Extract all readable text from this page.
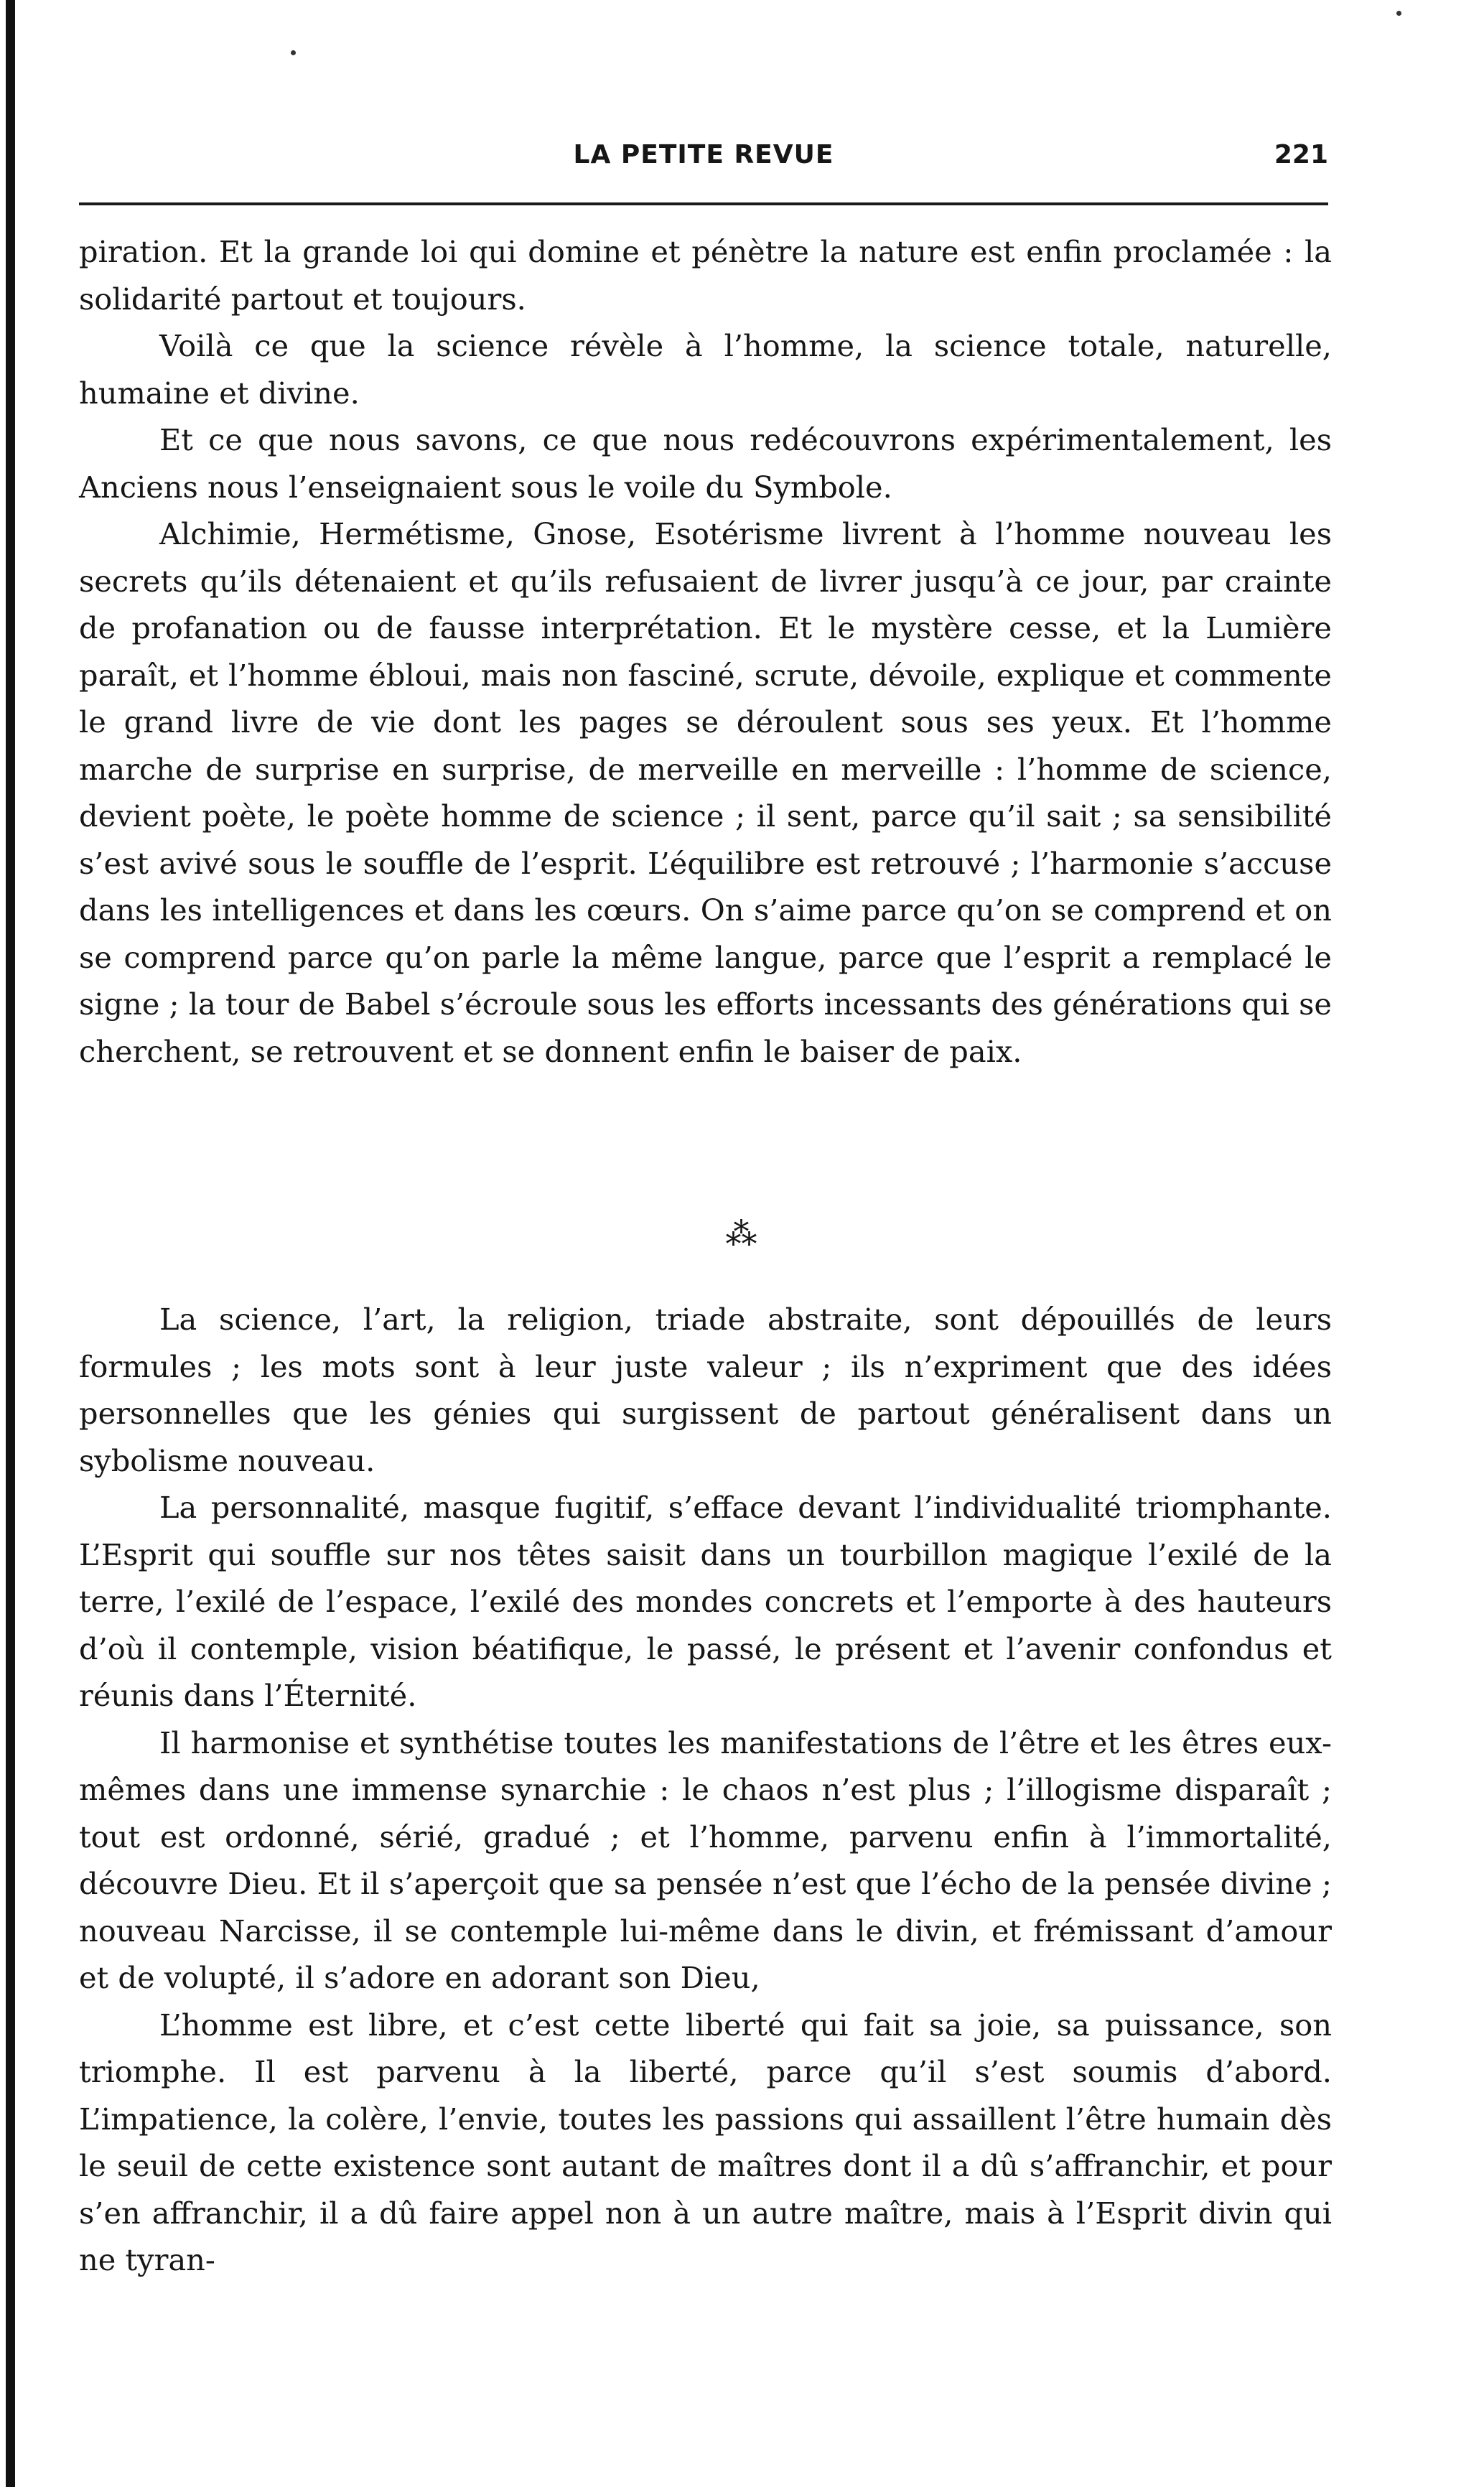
LA PETITE REVUE	221

piration. Et la grande loi qui domine et pénètre la nature est enfin proclamée : la solidarité partout et toujours.

Voilà ce que la science révèle à l’homme, la science totale, naturelle, humaine et divine.

Et ce que nous savons, ce que nous redécouvrons expérimentalement, les Anciens nous l’enseignaient sous le voile du Symbole.

Alchimie, Hermétisme, Gnose, Esotérisme livrent à l’homme nouveau les secrets qu’ils détenaient et qu’ils refusaient de livrer jusqu’à ce jour, par crainte de profanation ou de fausse interprétation. Et le mystère cesse, et la Lumière paraît, et l’homme ébloui, mais non fasciné, scrute, dévoile, explique et commente le grand livre de vie dont les pages se déroulent sous ses yeux. Et l’homme marche de surprise en surprise, de merveille en merveille : l’homme de science, devient poète, le poète homme de science ; il sent, parce qu’il sait ; sa sensibilité s’est avivé sous le souffle de l’esprit. L’équilibre est retrouvé ; l’harmonie s’accuse dans les intelligences et dans les cœurs. On s’aime parce qu’on se comprend et on se comprend parce qu’on parle la même langue, parce que l’esprit a remplacé le signe ; la tour de Babel s’écroule sous les efforts incessants des générations qui se cherchent, se retrouvent et se donnent enfin le baiser de paix.

⁂

La science, l’art, la religion, triade abstraite, sont dépouillés de leurs formules ; les mots sont à leur juste valeur ; ils n’expriment que des idées personnelles que les génies qui surgissent de partout généralisent dans un sybolisme nouveau.

La personnalité, masque fugitif, s’efface devant l’individualité triomphante. L’Esprit qui souffle sur nos têtes saisit dans un tourbillon magique l’exilé de la terre, l’exilé de l’espace, l’exilé des mondes concrets et l’emporte à des hauteurs d’où il contemple, vision béatifique, le passé, le présent et l’avenir confondus et réunis dans l’Éternité.

Il harmonise et synthétise toutes les manifestations de l’être et les êtres eux-mêmes dans une immense synarchie : le chaos n’est plus ; l’illogisme disparaît ; tout est ordonné, sérié, gradué ; et l’homme, parvenu enfin à l’immortalité, découvre Dieu. Et il s’aperçoit que sa pensée n’est que l’écho de la pensée divine ; nouveau Narcisse, il se contemple lui-même dans le divin, et frémissant d’amour et de volupté, il s’adore en adorant son Dieu,

L’homme est libre, et c’est cette liberté qui fait sa joie, sa puissance, son triomphe. Il est parvenu à la liberté, parce qu’il s’est soumis d’abord. L’impatience, la colère, l’envie, toutes les passions qui assaillent l’être humain dès le seuil de cette existence sont autant de maîtres dont il a dû s’affranchir, et pour s’en affranchir, il a dû faire appel non à un autre maître, mais à l’Esprit divin qui ne tyran-
